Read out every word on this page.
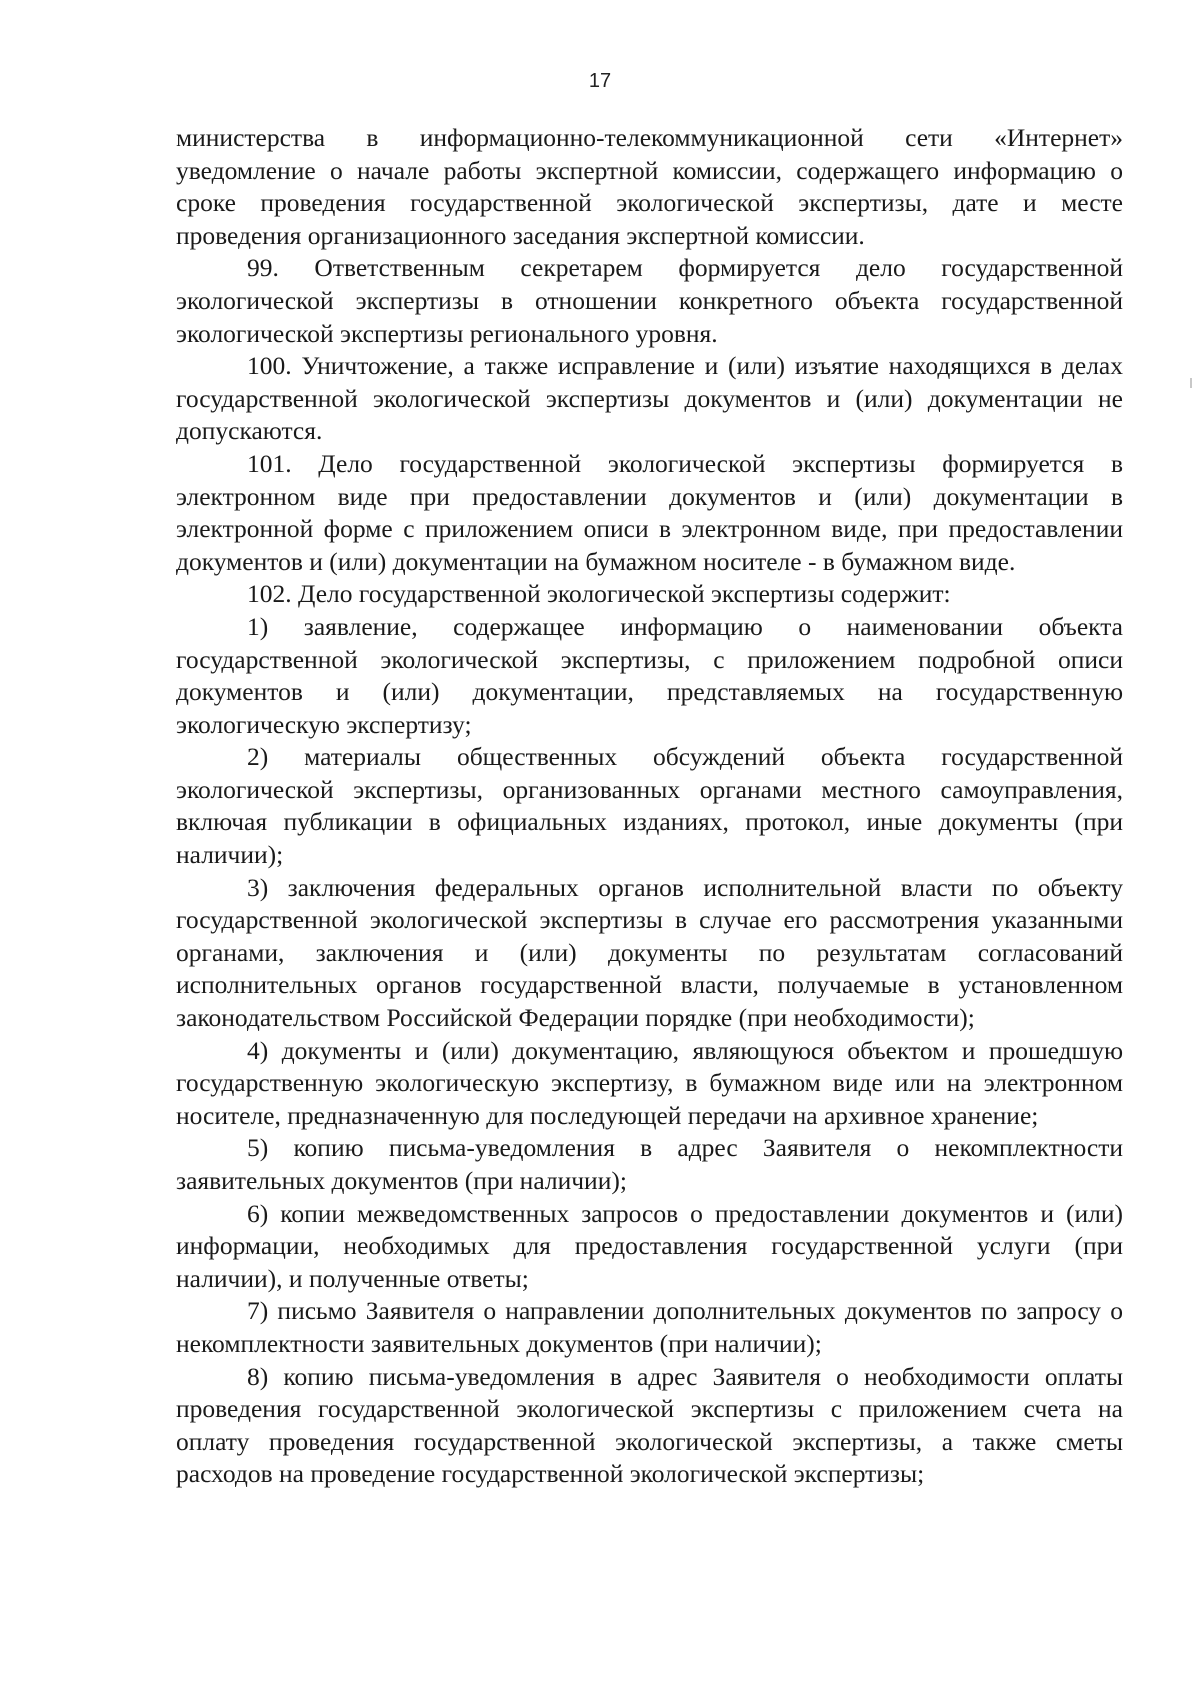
17

министерства в информационно-телекоммуникационной сети «Интернет» уведомление о начале работы экспертной комиссии, содержащего информацию о сроке проведения государственной экологической экспертизы, дате и месте проведения организационного заседания экспертной комиссии.

99. Ответственным секретарем формируется дело государственной экологической экспертизы в отношении конкретного объекта государственной экологической экспертизы регионального уровня.

100. Уничтожение, а также исправление и (или) изъятие находящихся в делах государственной экологической экспертизы документов и (или) документации не допускаются.

101. Дело государственной экологической экспертизы формируется в электронном виде при предоставлении документов и (или) документации в электронной форме с приложением описи в электронном виде, при предоставлении документов и (или) документации на бумажном носителе - в бумажном виде.

102. Дело государственной экологической экспертизы содержит:

1) заявление, содержащее информацию о наименовании объекта государственной экологической экспертизы, с приложением подробной описи документов и (или) документации, представляемых на государственную экологическую экспертизу;

2) материалы общественных обсуждений объекта государственной экологической экспертизы, организованных органами местного самоуправления, включая публикации в официальных изданиях, протокол, иные документы (при наличии);

3) заключения федеральных органов исполнительной власти по объекту государственной экологической экспертизы в случае его рассмотрения указанными органами, заключения и (или) документы по результатам согласований исполнительных органов государственной власти, получаемые в установленном законодательством Российской Федерации порядке (при необходимости);

4) документы и (или) документацию, являющуюся объектом и прошедшую государственную экологическую экспертизу, в бумажном виде или на электронном носителе, предназначенную для последующей передачи на архивное хранение;

5) копию письма-уведомления в адрес Заявителя о некомплектности заявительных документов (при наличии);

6) копии межведомственных запросов о предоставлении документов и (или) информации, необходимых для предоставления государственной услуги (при наличии), и полученные ответы;

7) письмо Заявителя о направлении дополнительных документов по запросу о некомплектности заявительных документов (при наличии);

8) копию письма-уведомления в адрес Заявителя о необходимости оплаты проведения государственной экологической экспертизы с приложением счета на оплату проведения государственной экологической экспертизы, а также сметы расходов на проведение государственной экологической экспертизы;
